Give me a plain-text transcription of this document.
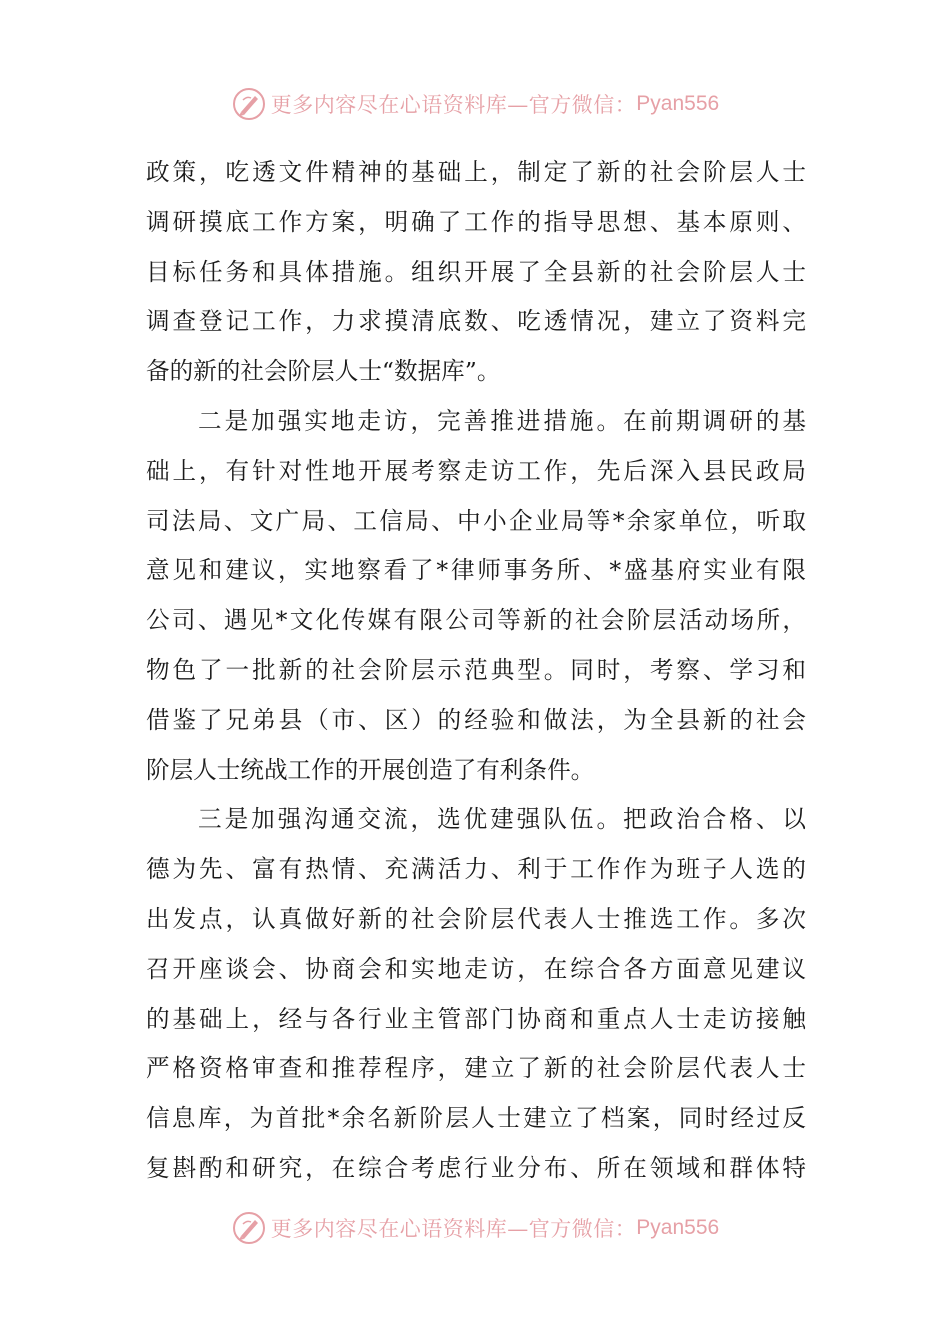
更多内容尽在心语资料库—官方微信： Pyan556
政策，吃透文件精神的基础上，制定了新的社会阶层人士
调研摸底工作方案，明确了工作的指导思想、基本原则、
目标任务和具体措施。组织开展了全县新的社会阶层人士
调查登记工作，力求摸清底数、吃透情况，建立了资料完
备的新的社会阶层人士“数据库”。
二是加强实地走访，完善推进措施。在前期调研的基
础上，有针对性地开展考察走访工作，先后深入县民政局
司法局、文广局、工信局、中小企业局等*余家单位，听取
意见和建议，实地察看了*律师事务所、*盛基府实业有限
公司、遇见*文化传媒有限公司等新的社会阶层活动场所，
物色了一批新的社会阶层示范典型。同时，考察、学习和
借鉴了兄弟县（市、区）的经验和做法，为全县新的社会
阶层人士统战工作的开展创造了有利条件。
三是加强沟通交流，选优建强队伍。把政治合格、以
德为先、富有热情、充满活力、利于工作作为班子人选的
出发点，认真做好新的社会阶层代表人士推选工作。多次
召开座谈会、协商会和实地走访，在综合各方面意见建议
的基础上，经与各行业主管部门协商和重点人士走访接触
严格资格审查和推荐程序，建立了新的社会阶层代表人士
信息库，为首批*余名新阶层人士建立了档案，同时经过反
复斟酌和研究，在综合考虑行业分布、所在领域和群体特
更多内容尽在心语资料库—官方微信： Pyan556
